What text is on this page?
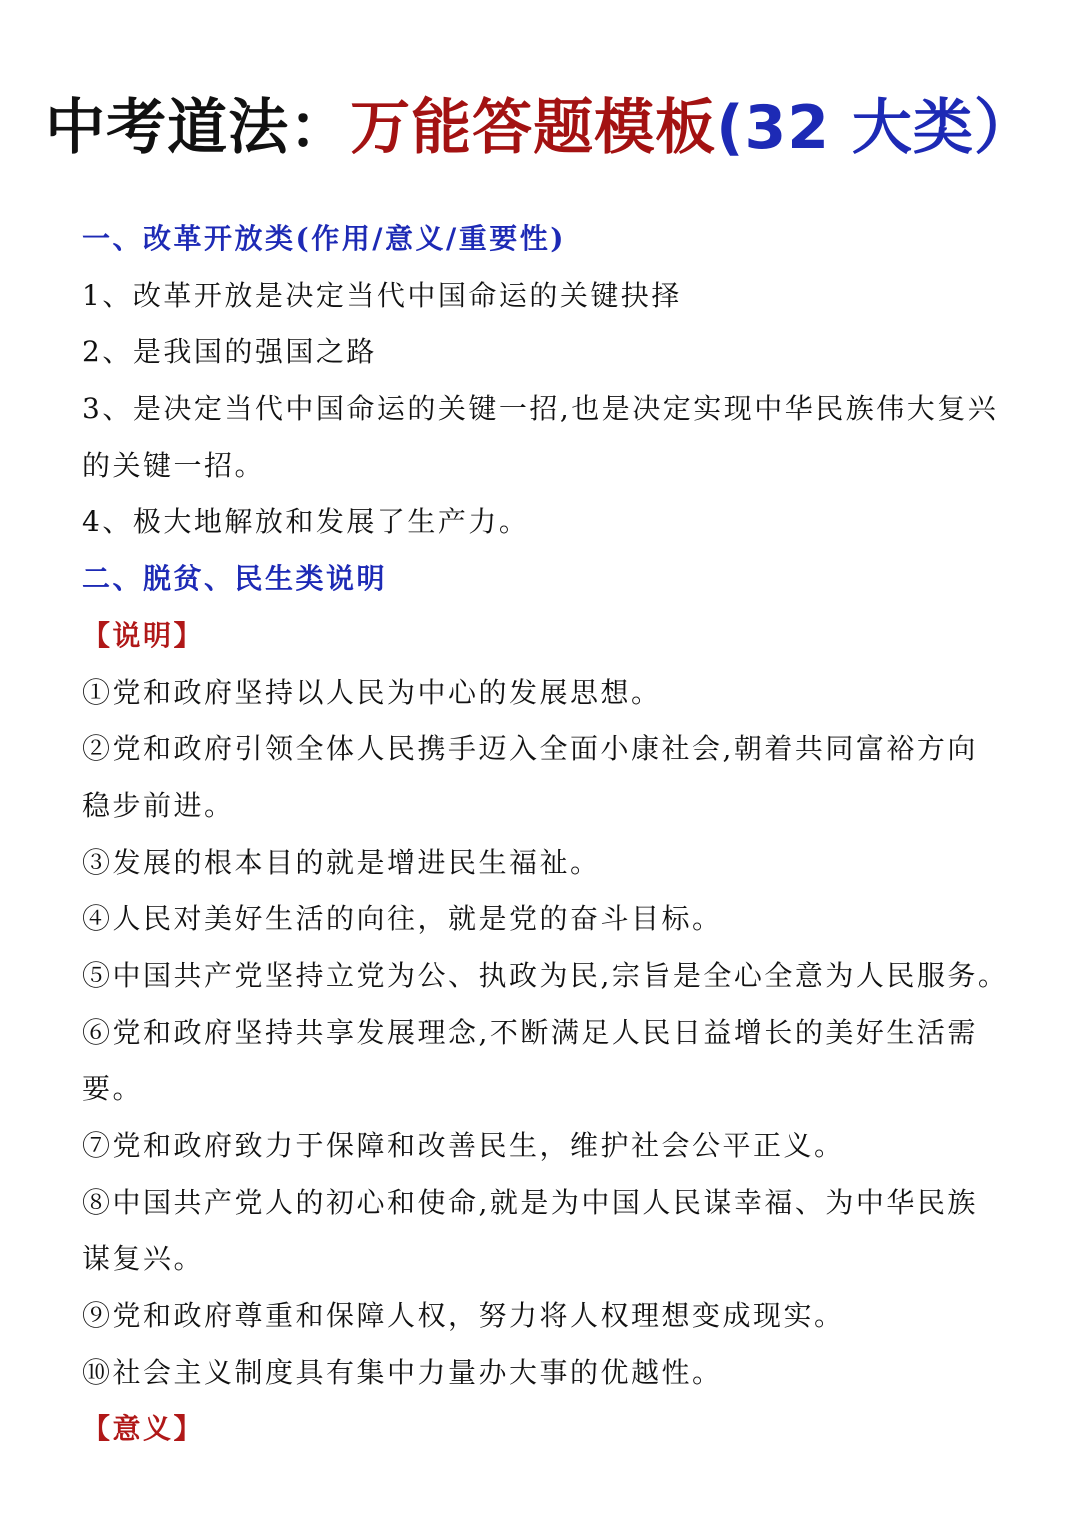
中考道法：万能答题模板(32 大类）
一、改革开放类(作用/意义/重要性)
1、改革开放是决定当代中国命运的关键抉择
2、是我国的强国之路
3、是决定当代中国命运的关键一招,也是决定实现中华民族伟大复兴
的关键一招。
4、极大地解放和发展了生产力。
二、脱贫、民生类说明
【说明】
①党和政府坚持以人民为中心的发展思想。
②党和政府引领全体人民携手迈入全面小康社会,朝着共同富裕方向
稳步前进。
③发展的根本目的就是增进民生福祉。
④人民对美好生活的向往，就是党的奋斗目标。
⑤中国共产党坚持立党为公、执政为民,宗旨是全心全意为人民服务。
⑥党和政府坚持共享发展理念,不断满足人民日益增长的美好生活需
要。
⑦党和政府致力于保障和改善民生，维护社会公平正义。
⑧中国共产党人的初心和使命,就是为中国人民谋幸福、为中华民族
谋复兴。
⑨党和政府尊重和保障人权，努力将人权理想变成现实。
⑩社会主义制度具有集中力量办大事的优越性。
【意义】
